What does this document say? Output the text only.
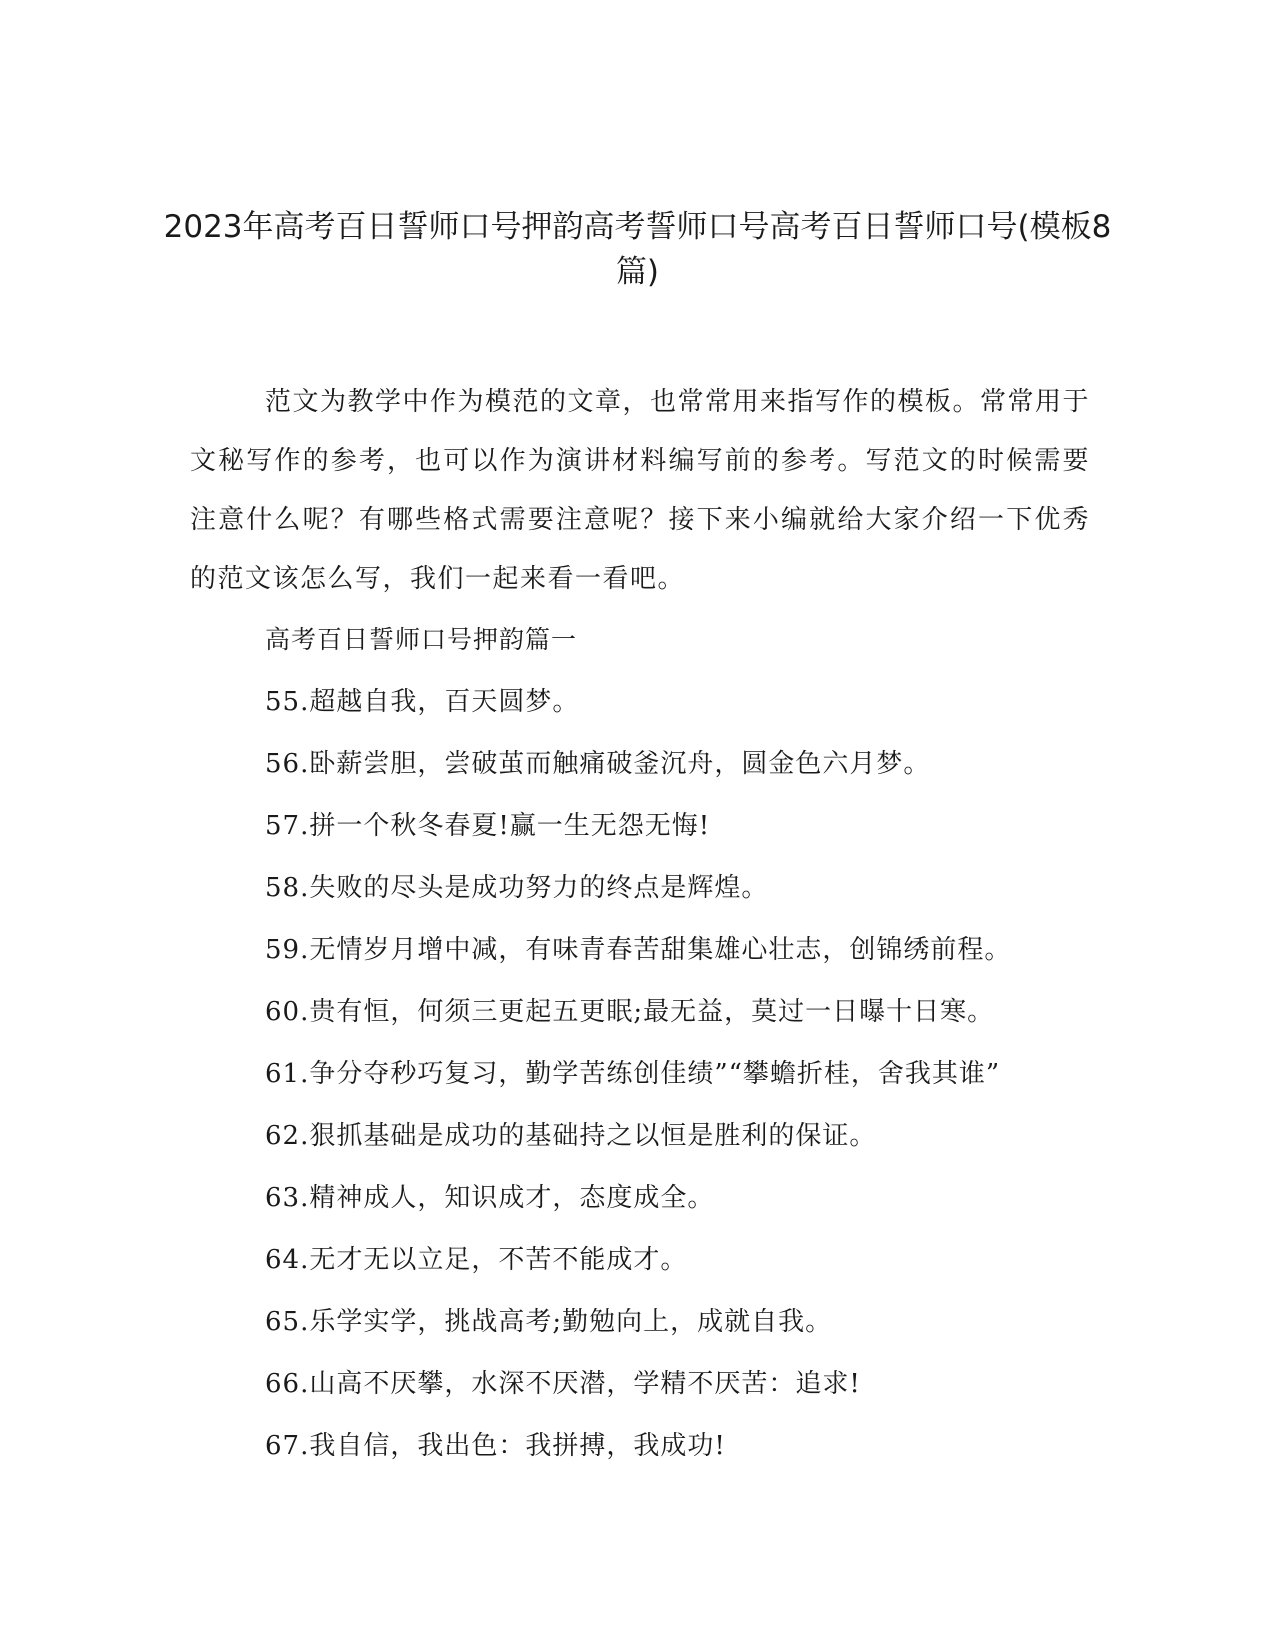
2023年高考百日誓师口号押韵高考誓师口号高考百日誓师口号(模板8篇)

范文为教学中作为模范的文章，也常常用来指写作的模板。常常用于文秘写作的参考，也可以作为演讲材料编写前的参考。写范文的时候需要注意什么呢？有哪些格式需要注意呢？接下来小编就给大家介绍一下优秀的范文该怎么写，我们一起来看一看吧。

高考百日誓师口号押韵篇一

55.超越自我，百天圆梦。

56.卧薪尝胆，尝破茧而触痛破釜沉舟，圆金色六月梦。

57.拼一个秋冬春夏!赢一生无怨无悔!

58.失败的尽头是成功努力的终点是辉煌。

59.无情岁月增中减，有味青春苦甜集雄心壮志，创锦绣前程。

60.贵有恒，何须三更起五更眠;最无益，莫过一日曝十日寒。

61.争分夺秒巧复习，勤学苦练创佳绩”“攀蟾折桂，舍我其谁”

62.狠抓基础是成功的基础持之以恒是胜利的保证。

63.精神成人，知识成才，态度成全。

64.无才无以立足，不苦不能成才。

65.乐学实学，挑战高考;勤勉向上，成就自我。

66.山高不厌攀，水深不厌潜，学精不厌苦：追求!

67.我自信，我出色：我拼搏，我成功!
